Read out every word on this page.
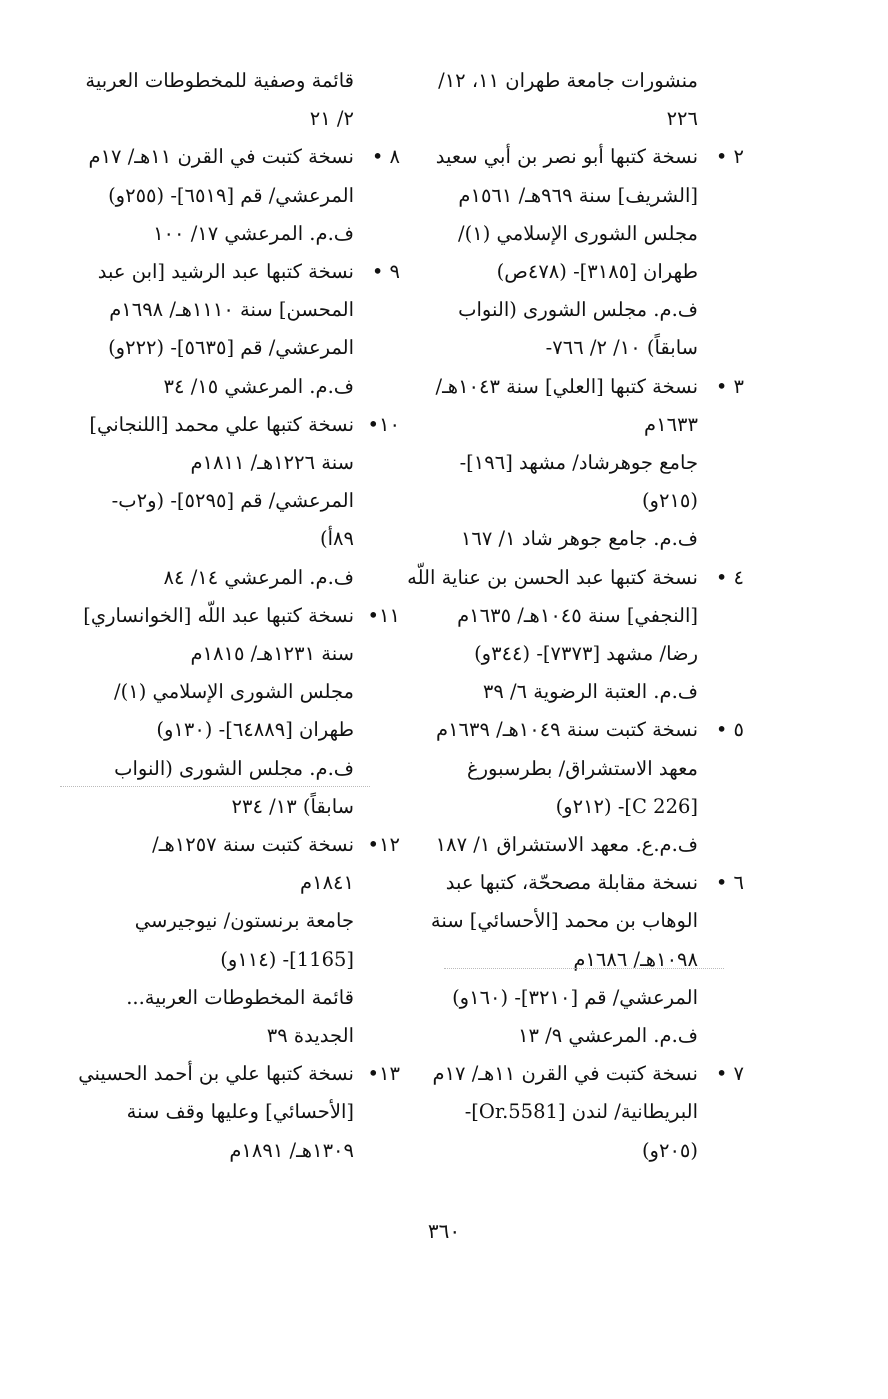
منشورات جامعة طهران ١١، ١٢/
٢٢٦
٢ •
نسخة كتبها أبو نصر بن أبي سعيد
[الشريف] سنة ٩٦٩هـ/ ١٥٦١م
مجلس الشورى الإسلامي (١)/
طهران [٣١٨٥]- (٤٧٨ص)
ف.م. مجلس الشورى (النواب
سابقاً) ١٠/ ٢/ ٧٦٦-
٣ •
نسخة كتبها [العلي] سنة ١٠٤٣هـ/
١٦٣٣م
جامع جوهرشاد/ مشهد [١٩٦]-
(٢١٥و)
ف.م. جامع جوهر شاد ١/ ١٦٧
٤ •
نسخة كتبها عبد الحسن بن عناية اللّه
[النجفي] سنة ١٠٤٥هـ/ ١٦٣٥م
رضا/ مشهد [٧٣٧٣]- (٣٤٤و)
ف.م. العتبة الرضوية ٦/ ٣٩
٥ •
نسخة كتبت سنة ١٠٤٩هـ/ ١٦٣٩م
معهد الاستشراق/ بطرسبورغ
[C 226]- (٢١٢و)
ف.م.ع. معهد الاستشراق ١/ ١٨٧
٦ •
نسخة مقابلة مصححّة، كتبها عبد
الوهاب بن محمد [الأحسائي] سنة
١٠٩٨هـ/ ١٦٨٦م
المرعشي/ قم [٣٢١٠]- (١٦٠و)
ف.م. المرعشي ٩/ ١٣
٧ •
نسخة كتبت في القرن ١١هـ/ ١٧م
البريطانية/ لندن [Or.5581]-
(٢٠٥و)
قائمة وصفية للمخطوطات العربية
٢/ ٢١
٨ •
نسخة كتبت في القرن ١١هـ/ ١٧م
المرعشي/ قم [٦٥١٩]- (٢٥٥و)
ف.م. المرعشي ١٧/ ١٠٠
٩ •
نسخة كتبها عبد الرشيد [ابن عبد
المحسن] سنة ١١١٠هـ/ ١٦٩٨م
المرعشي/ قم [٥٦٣٥]- (٢٢٢و)
ف.م. المرعشي ١٥/ ٣٤
١٠•
نسخة كتبها علي محمد [اللنجاني]
سنة ١٢٢٦هـ/ ١٨١١م
المرعشي/ قم [٥٢٩٥]- (و٢ب-
٨٩أ)
ف.م. المرعشي ١٤/ ٨٤
١١•
نسخة كتبها عبد اللّه [الخوانساري]
سنة ١٢٣١هـ/ ١٨١٥م
مجلس الشورى الإسلامي (١)/
طهران [٦٤٨٨٩]- (١٣٠و)
ف.م. مجلس الشورى (النواب
سابقاً) ١٣/ ٢٣٤
١٢•
نسخة كتبت سنة ١٢٥٧هـ/
١٨٤١م
جامعة برنستون/ نيوجيرسي
[1165]- (١١٤و)
قائمة المخطوطات العربية...
الجديدة ٣٩
١٣•
نسخة كتبها علي بن أحمد الحسيني
[الأحسائي] وعليها وقف سنة
١٣٠٩هـ/ ١٨٩١م
٣٦٠
